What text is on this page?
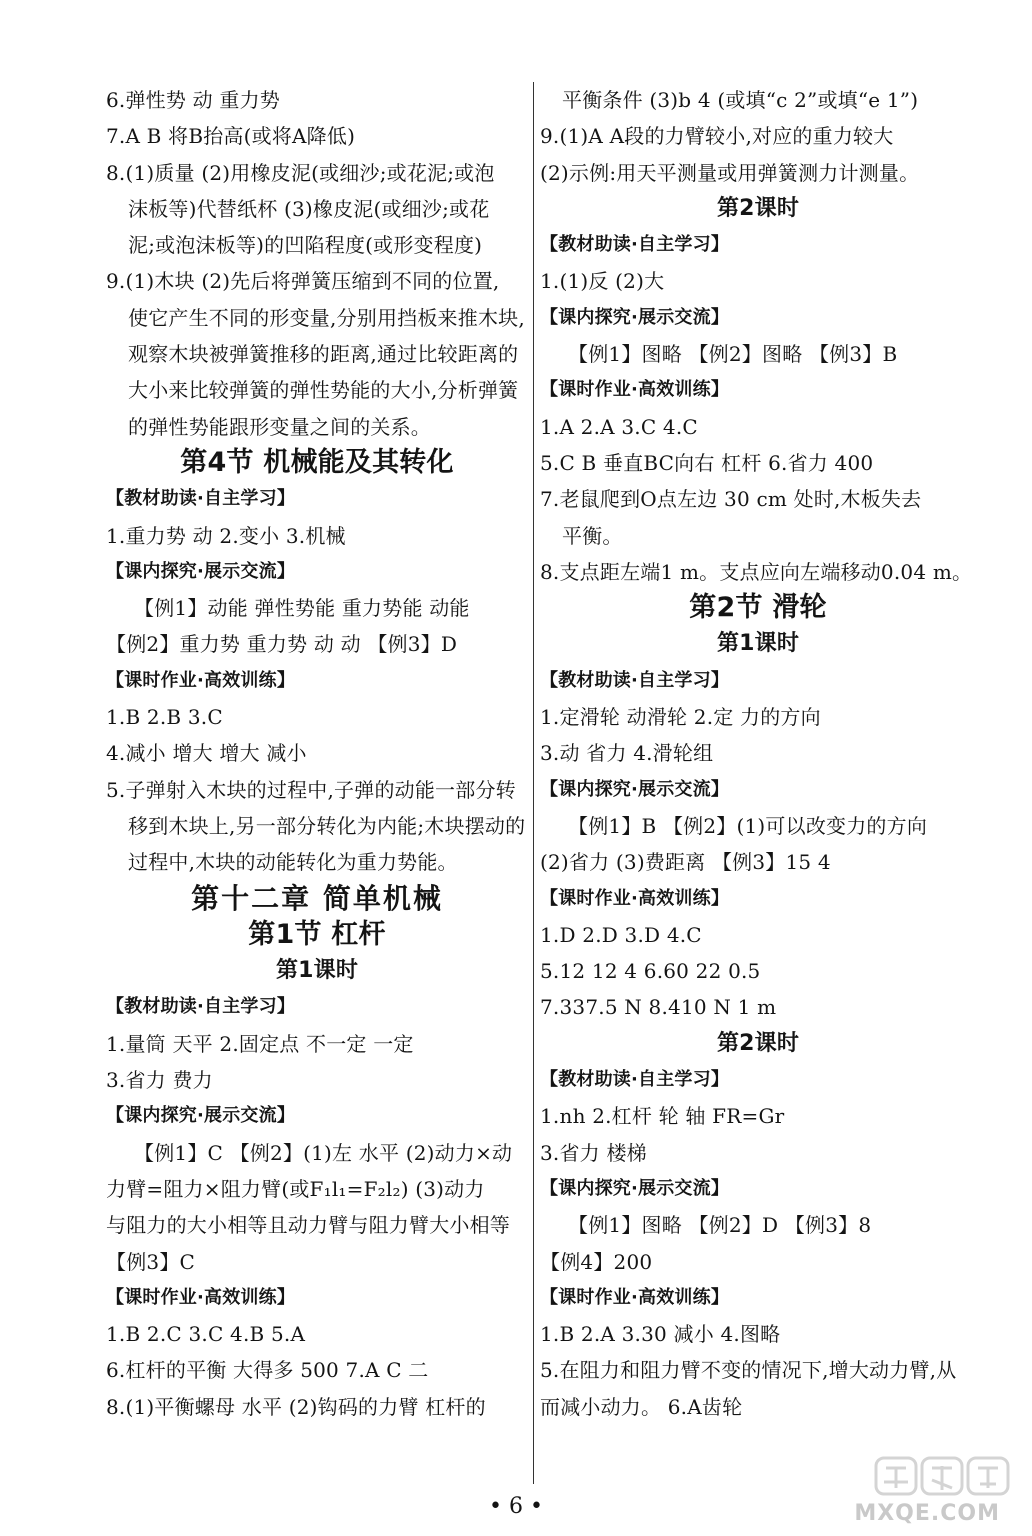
6.弹性势 动 重力势
7.A B 将B抬高(或将A降低)
8.(1)质量 (2)用橡皮泥(或细沙;或花泥;或泡
沫板等)代替纸杯 (3)橡皮泥(或细沙;或花
泥;或泡沫板等)的凹陷程度(或形变程度)
9.(1)木块 (2)先后将弹簧压缩到不同的位置,
使它产生不同的形变量,分别用挡板来推木块,
观察木块被弹簧推移的距离,通过比较距离的
大小来比较弹簧的弹性势能的大小,分析弹簧
的弹性势能跟形变量之间的关系。
第4节 机械能及其转化
【教材助读·自主学习】
1.重力势 动 2.变小 3.机械
【课内探究·展示交流】
【例1】动能 弹性势能 重力势能 动能
【例2】重力势 重力势 动 动 【例3】D
【课时作业·高效训练】
1.B 2.B 3.C
4.减小 增大 增大 减小
5.子弹射入木块的过程中,子弹的动能一部分转
移到木块上,另一部分转化为内能;木块摆动的
过程中,木块的动能转化为重力势能。
第十二章 简单机械
第1节 杠杆
第1课时
【教材助读·自主学习】
1.量筒 天平 2.固定点 不一定 一定
3.省力 费力
【课内探究·展示交流】
【例1】C 【例2】(1)左 水平 (2)动力×动
力臂=阻力×阻力臂(或F₁l₁=F₂l₂) (3)动力
与阻力的大小相等且动力臂与阻力臂大小相等
【例3】C
【课时作业·高效训练】
1.B 2.C 3.C 4.B 5.A
6.杠杆的平衡 大得多 500 7.A C 二
8.(1)平衡螺母 水平 (2)钩码的力臂 杠杆的
平衡条件 (3)b 4 (或填“c 2”或填“e 1”)
9.(1)A A段的力臂较小,对应的重力较大
(2)示例:用天平测量或用弹簧测力计测量。
第2课时
【教材助读·自主学习】
1.(1)反 (2)大
【课内探究·展示交流】
【例1】图略 【例2】图略 【例3】B
【课时作业·高效训练】
1.A 2.A 3.C 4.C
5.C B 垂直BC向右 杠杆 6.省力 400
7.老鼠爬到O点左边 30 cm 处时,木板失去
平衡。
8.支点距左端1 m。支点应向左端移动0.04 m。
第2节 滑轮
第1课时
【教材助读·自主学习】
1.定滑轮 动滑轮 2.定 力的方向
3.动 省力 4.滑轮组
【课内探究·展示交流】
【例1】B 【例2】(1)可以改变力的方向
(2)省力 (3)费距离 【例3】15 4
【课时作业·高效训练】
1.D 2.D 3.D 4.C
5.12 12 4 6.60 22 0.5
7.337.5 N 8.410 N 1 m
第2课时
【教材助读·自主学习】
1.nh 2.杠杆 轮 轴 FR=Gr
3.省力 楼梯
【课内探究·展示交流】
【例1】图略 【例2】D 【例3】8
【例4】200
【课时作业·高效训练】
1.B 2.A 3.30 减小 4.图略
5.在阻力和阻力臂不变的情况下,增大动力臂,从
而减小动力。 6.A齿轮
• 6 •	MXQE.COM
